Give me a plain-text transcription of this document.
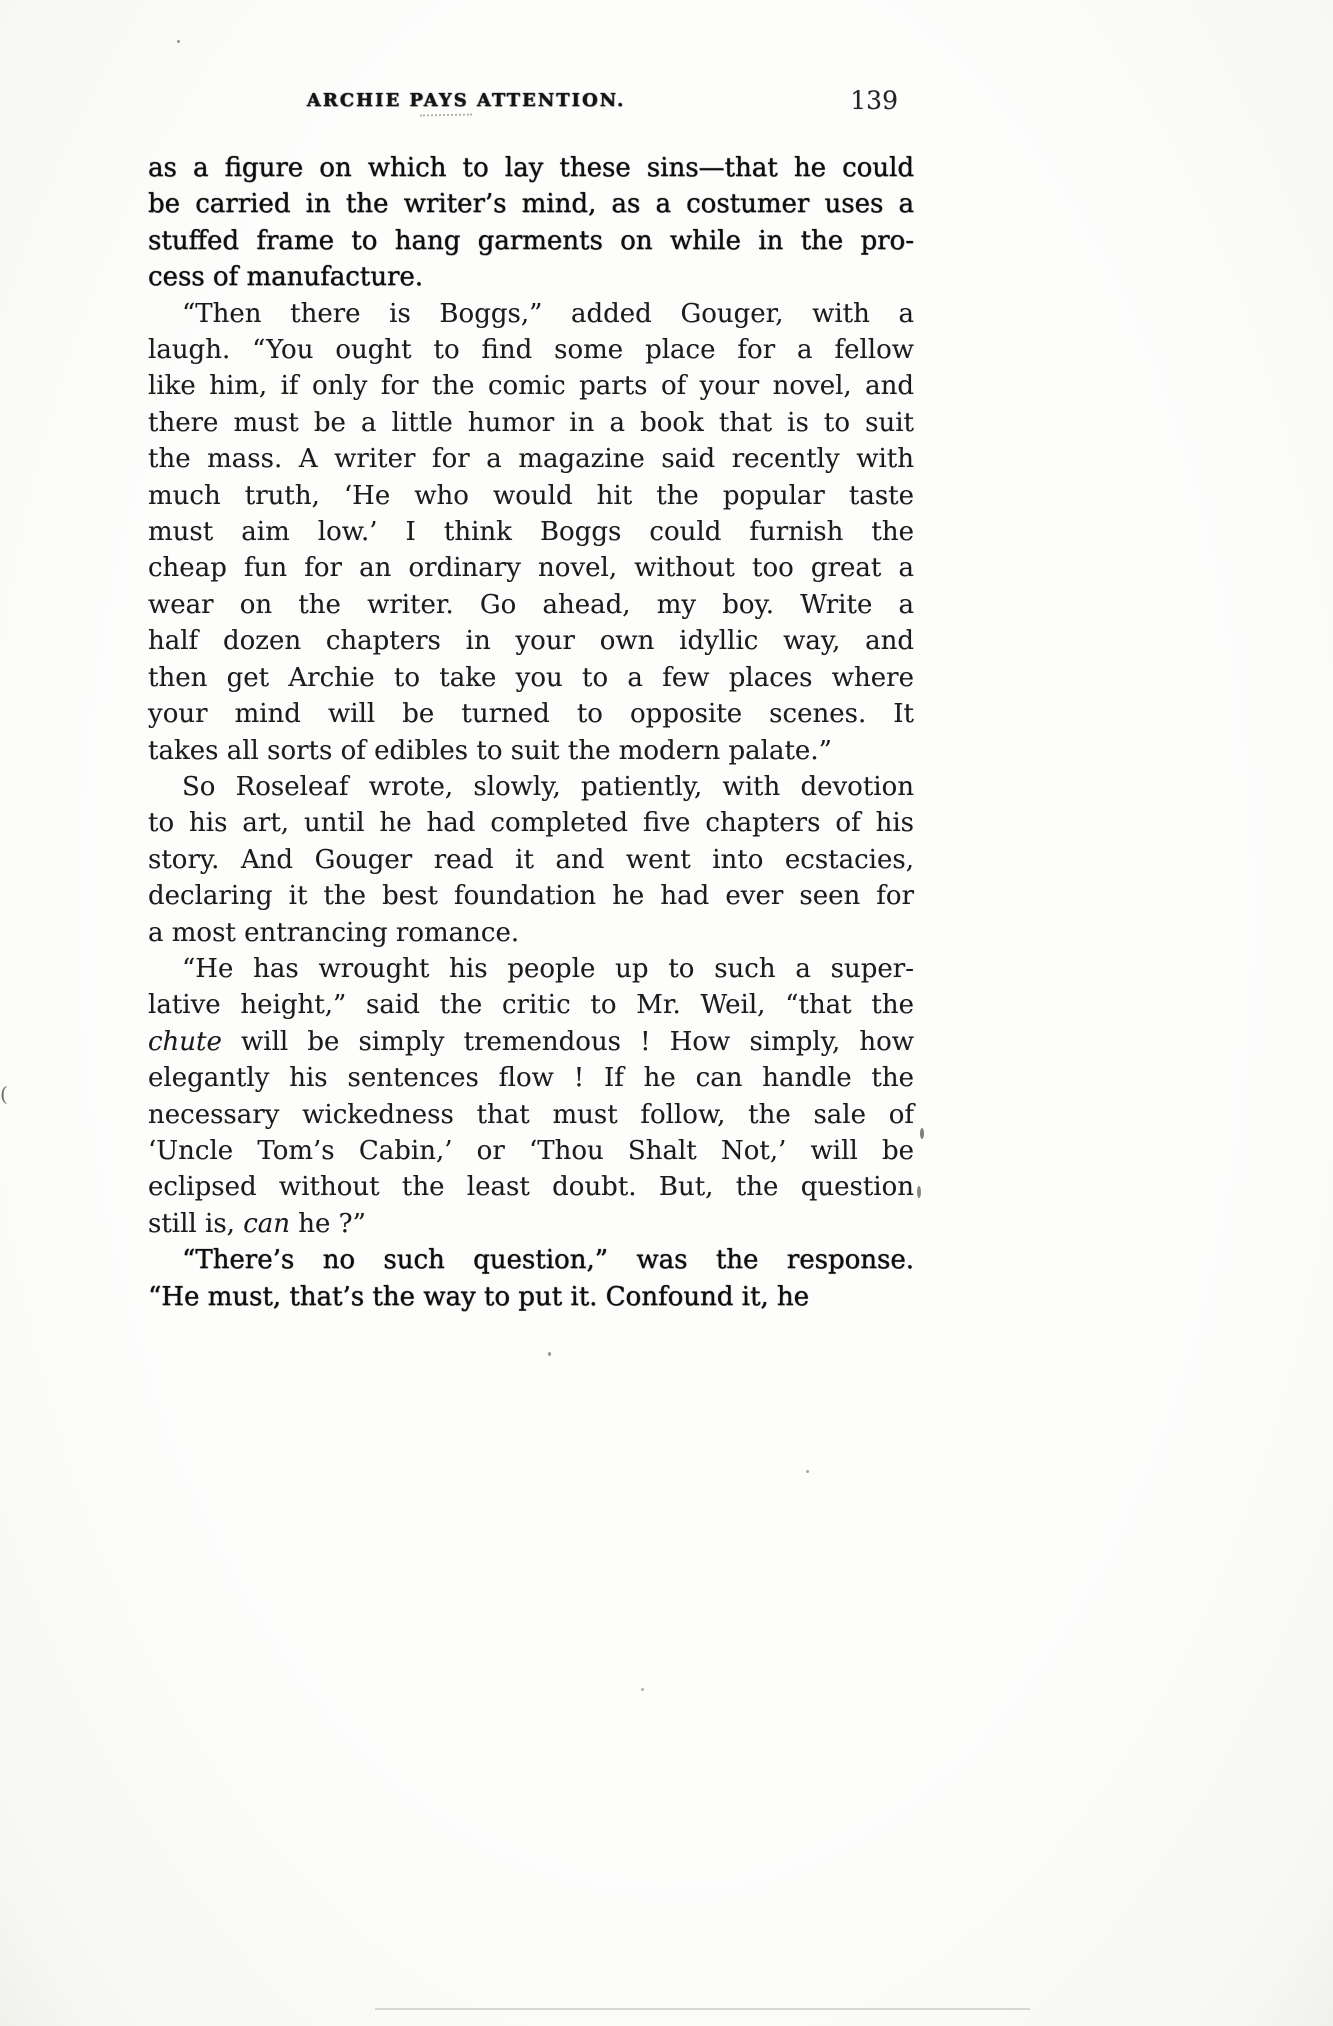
ARCHIE PAYS ATTENTION.	139
as a figure on which to lay these sins—that he could
be carried in the writer’s mind, as a costumer uses a
stuffed frame to hang garments on while in the pro-
cess of manufacture.
“Then there is Boggs,” added Gouger, with a
laugh. “You ought to find some place for a fellow
like him, if only for the comic parts of your novel, and
there must be a little humor in a book that is to suit
the mass. A writer for a magazine said recently with
much truth, ‘He who would hit the popular taste
must aim low.’ I think Boggs could furnish the
cheap fun for an ordinary novel, without too great a
wear on the writer. Go ahead, my boy. Write a
half dozen chapters in your own idyllic way, and
then get Archie to take you to a few places where
your mind will be turned to opposite scenes. It
takes all sorts of edibles to suit the modern palate.”
So Roseleaf wrote, slowly, patiently, with devotion
to his art, until he had completed five chapters of his
story. And Gouger read it and went into ecstacies,
declaring it the best foundation he had ever seen for
a most entrancing romance.
“He has wrought his people up to such a super-
lative height,” said the critic to Mr. Weil, “that the
chute will be simply tremendous ! How simply, how
elegantly his sentences flow ! If he can handle the
necessary wickedness that must follow, the sale of
‘Uncle Tom’s Cabin,’ or ‘Thou Shalt Not,’ will be
eclipsed without the least doubt. But, the question
still is, can he ?”
“There’s no such question,” was the response.
“He must, that’s the way to put it. Confound it, he
(
